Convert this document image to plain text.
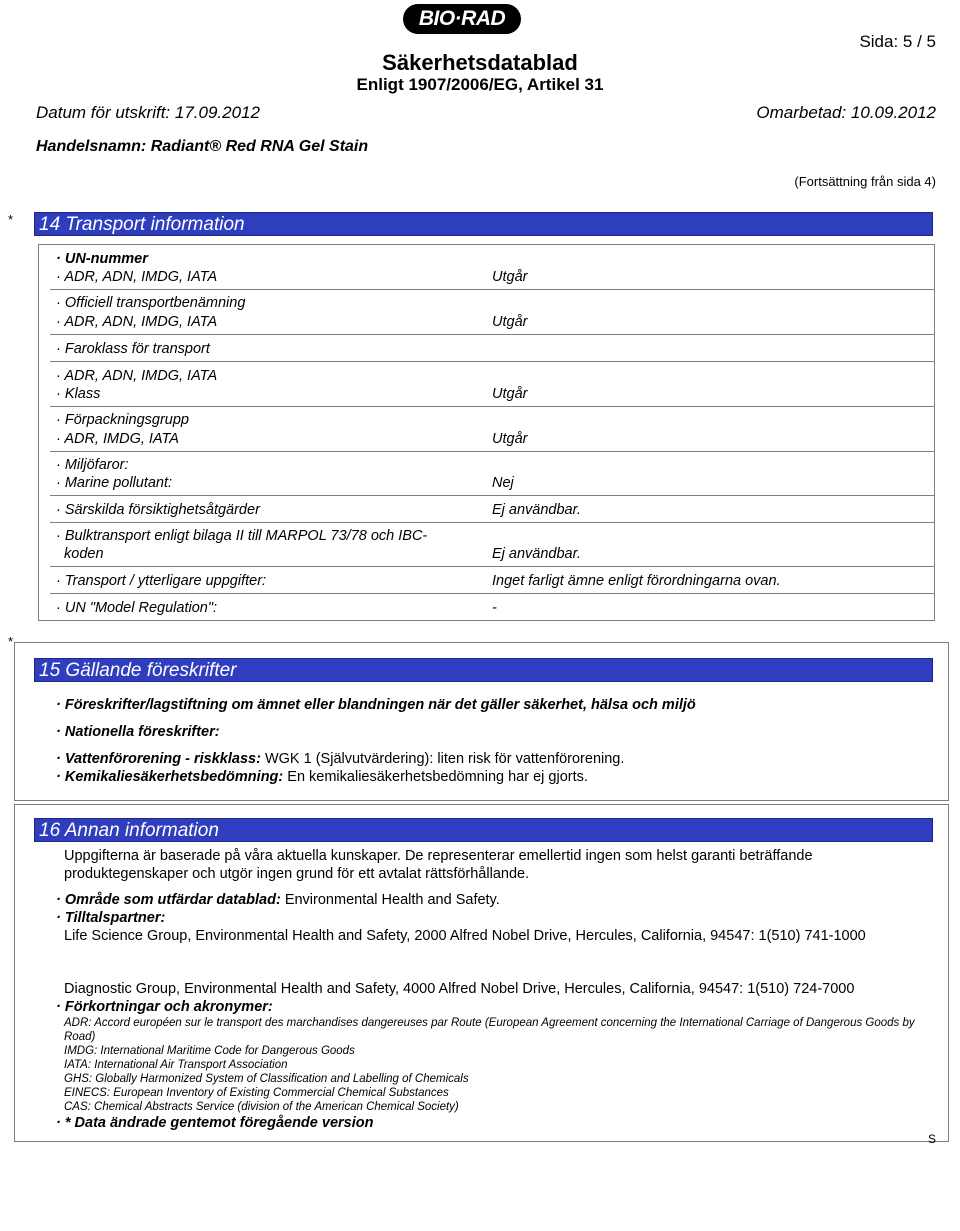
BIO·RAD
Sida: 5 / 5
Säkerhetsdatablad
Enligt 1907/2006/EG, Artikel 31
Datum för utskrift: 17.09.2012	Omarbetad: 10.09.2012
Handelsnamn: Radiant® Red RNA Gel Stain
(Fortsättning från sida 4)
* 14 Transport information
· UN-nummer
· ADR, ADN, IMDG, IATA	Utgår
· Officiell transportbenämning
· ADR, ADN, IMDG, IATA	Utgår
· Faroklass för transport
· ADR, ADN, IMDG, IATA
· Klass	Utgår
· Förpackningsgrupp
· ADR, IMDG, IATA	Utgår
· Miljöfaror:
· Marine pollutant:	Nej
· Särskilda försiktighetsåtgärder	Ej användbar.
· Bulktransport enligt bilaga II till MARPOL 73/78 och IBC-
koden	Ej användbar.
· Transport / ytterligare uppgifter:	Inget farligt ämne enligt förordningarna ovan.
· UN "Model Regulation":	-
*
15 Gällande föreskrifter
· Föreskrifter/lagstiftning om ämnet eller blandningen när det gäller säkerhet, hälsa och miljö
· Nationella föreskrifter:
· Vattenförorening - riskklass: WGK 1 (Självutvärdering): liten risk för vattenförorening.
· Kemikaliesäkerhetsbedömning: En kemikaliesäkerhetsbedömning har ej gjorts.
16 Annan information
Uppgifterna är baserade på våra aktuella kunskaper. De representerar emellertid ingen som helst garanti beträffande produktegenskaper och utgör ingen grund för ett avtalat rättsförhållande.
· Område som utfärdar datablad: Environmental Health and Safety.
· Tilltalspartner:
Life Science Group, Environmental Health and Safety, 2000 Alfred Nobel Drive, Hercules, California, 94547: 1(510) 741-1000
Diagnostic Group, Environmental Health and Safety, 4000 Alfred Nobel Drive, Hercules, California, 94547: 1(510) 724-7000
· Förkortningar och akronymer:
ADR: Accord européen sur le transport des marchandises dangereuses par Route (European Agreement concerning the International Carriage of Dangerous Goods by Road)
IMDG: International Maritime Code for Dangerous Goods
IATA: International Air Transport Association
GHS: Globally Harmonized System of Classification and Labelling of Chemicals
EINECS: European Inventory of Existing Commercial Chemical Substances
CAS: Chemical Abstracts Service (division of the American Chemical Society)
· * Data ändrade gentemot föregående version
S
